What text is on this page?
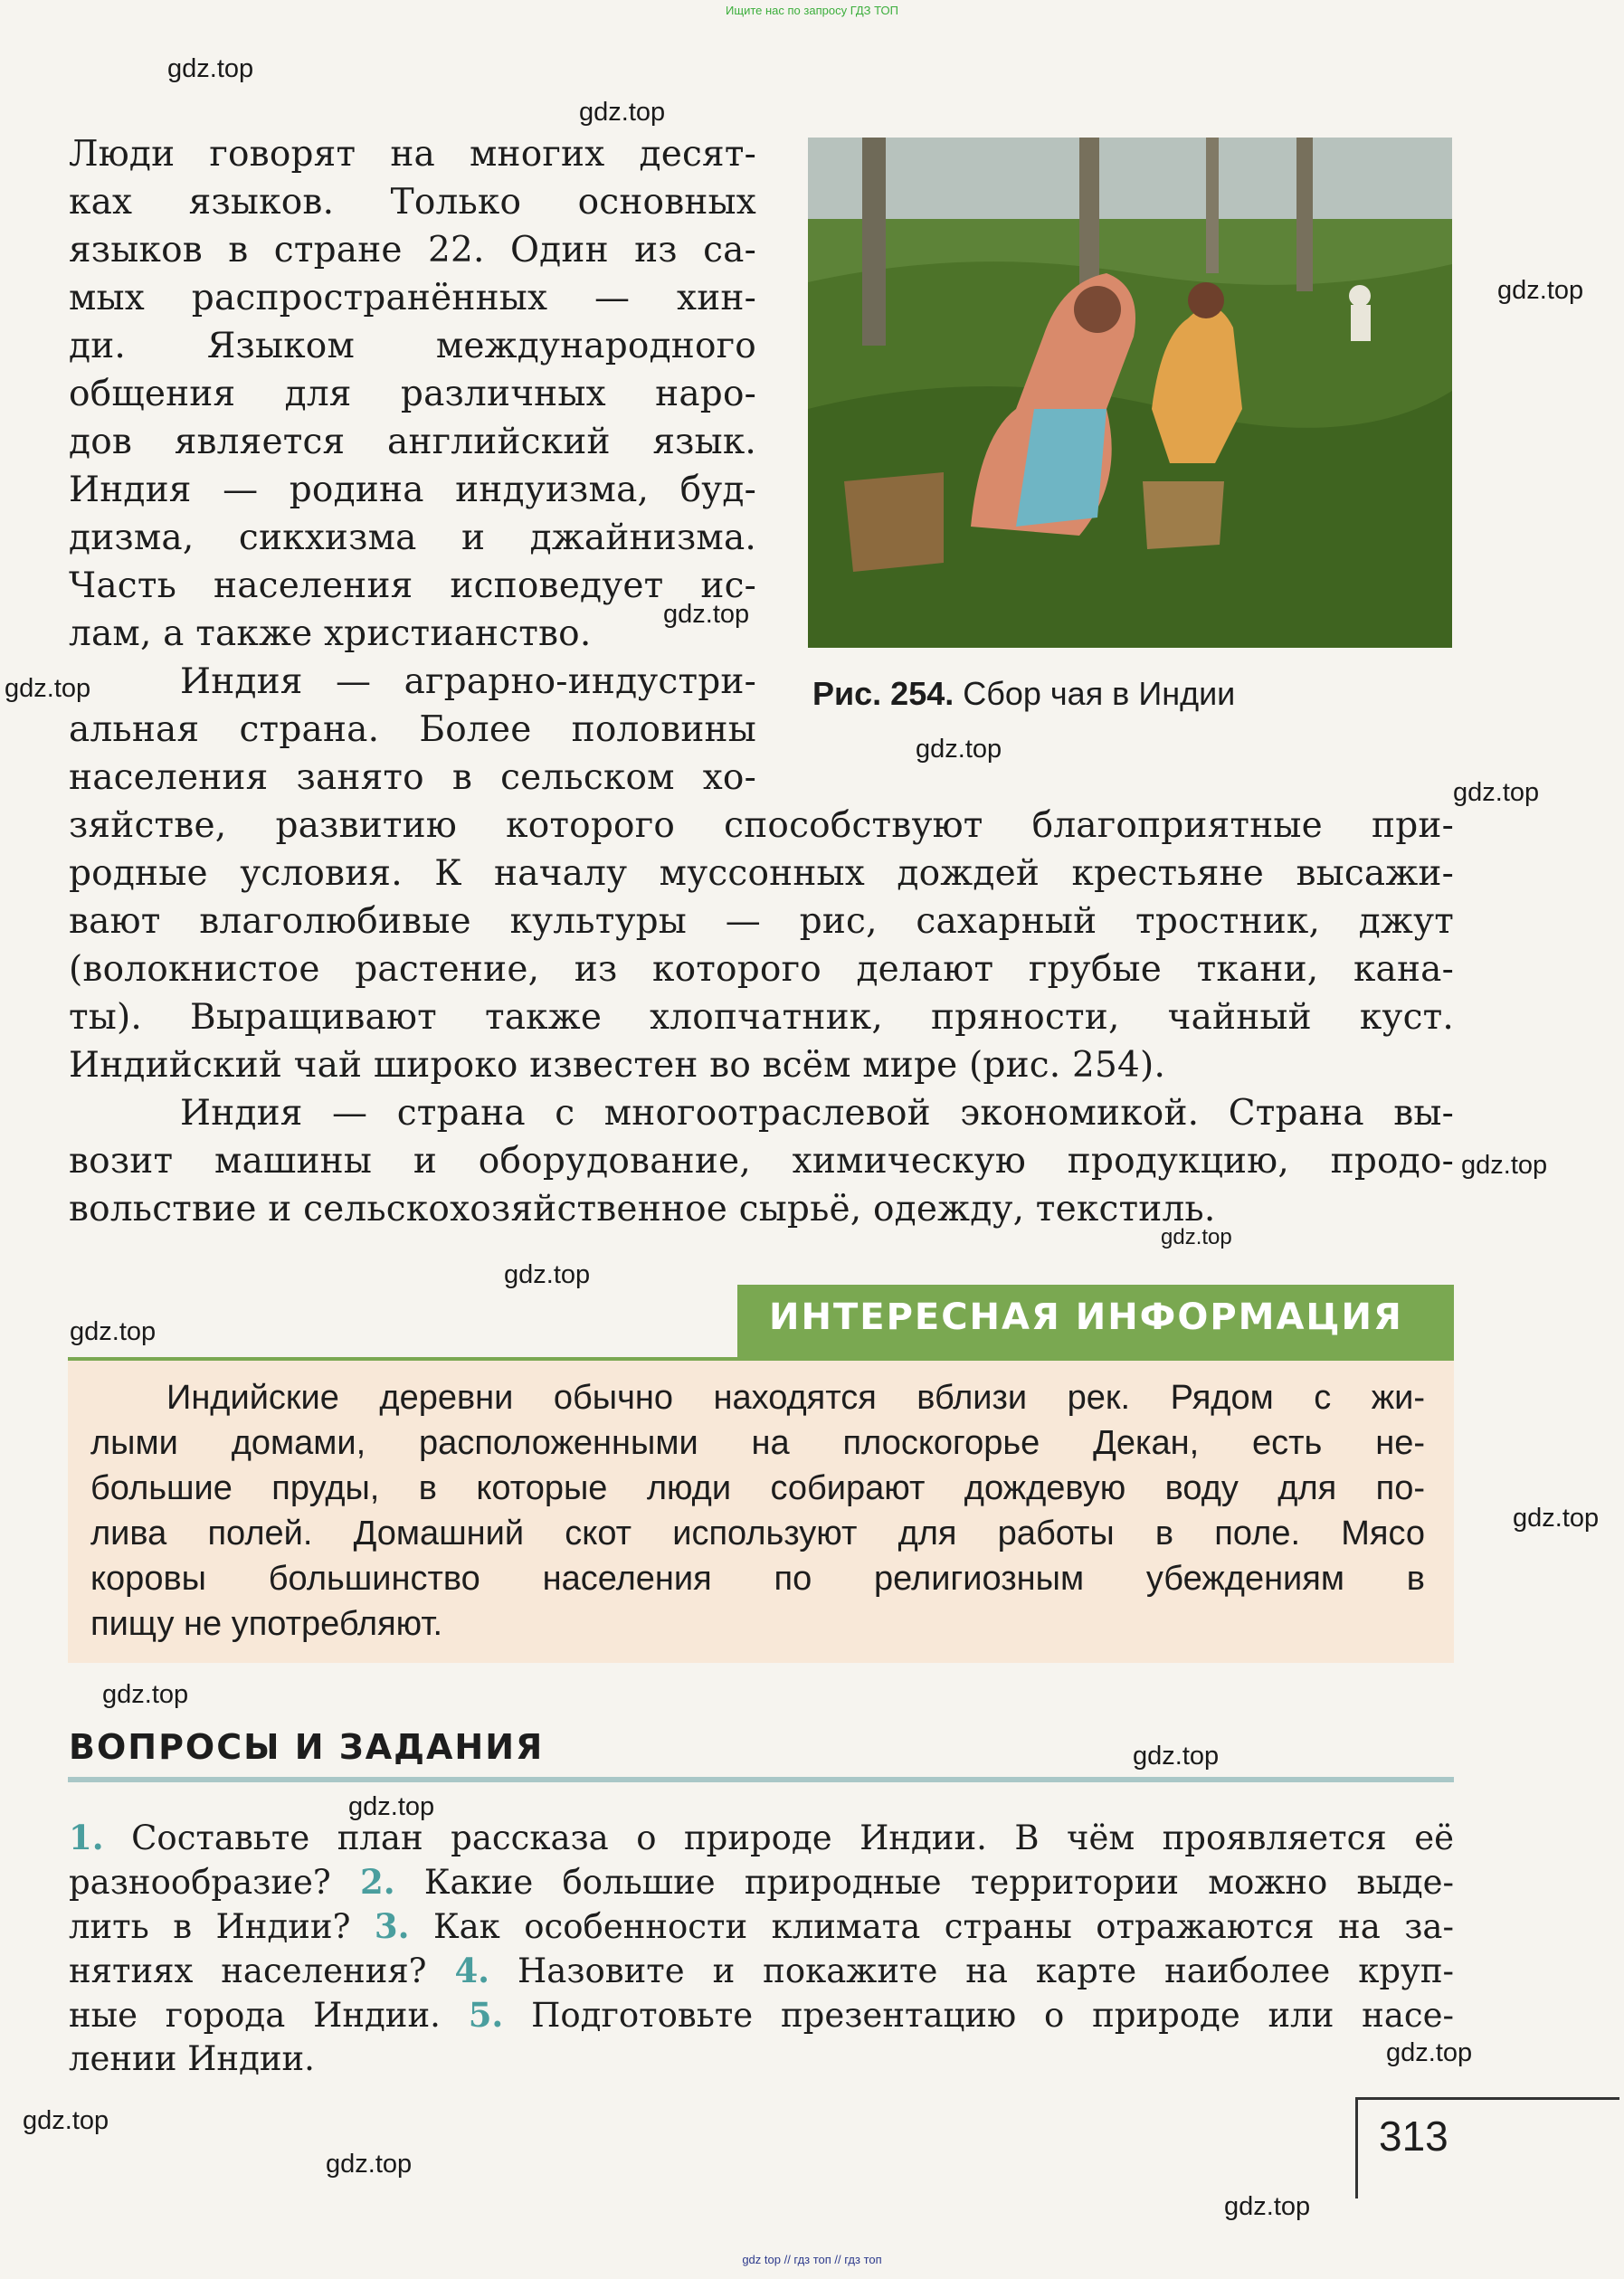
Ищите нас по запросу ГДЗ ТОП
gdz.top
gdz.top
gdz.top
gdz.top
gdz.top
gdz.top
gdz.top
gdz.top
gdz.top
gdz.top
gdz.top
gdz.top
gdz.top
gdz.top
gdz.top
gdz.top
gdz.top
gdz.top
gdz.top
Люди говорят на многих десят-
ках языков. Только основных
языков в стране 22. Один из са-
мых распространённых — хин-
ди. Языком международного
общения для различных наро-
дов является английский язык.
Индия — родина индуизма, буд-
дизма, сикхизма и джайнизма.
Часть населения исповедует ис-
лам, а также христианство.
Рис. 254. Сбор чая в Индии
Индия — аграрно-индустри-
альная страна. Более половины
населения занято в сельском хо-
зяйстве, развитию которого способствуют благоприятные при-
родные условия. К началу муссонных дождей крестьяне высажи-
вают влаголюбивые культуры — рис, сахарный тростник, джут
(волокнистое растение, из которого делают грубые ткани, кана-
ты). Выращивают также хлопчатник, пряности, чайный куст.
Индийский чай широко известен во всём мире (рис. 254).
Индия — страна с многоотраслевой экономикой. Страна вы-
возит машины и оборудование, химическую продукцию, продо-
вольствие и сельскохозяйственное сырьё, одежду, текстиль.
ИНТЕРЕСНАЯ ИНФОРМАЦИЯ
Индийские деревни обычно находятся вблизи рек. Рядом с жи-
лыми домами, расположенными на плоскогорье Декан, есть не-
большие пруды, в которые люди собирают дождевую воду для по-
лива полей. Домашний скот используют для работы в поле. Мясо
коровы большинство населения по религиозным убеждениям в
пищу не употребляют.
ВОПРОСЫ И ЗАДАНИЯ
1. Составьте план рассказа о природе Индии. В чём проявляется её
разнообразие? 2. Какие большие природные территории можно выде-
лить в Индии? 3. Как особенности климата страны отражаются на за-
нятиях населения? 4. Назовите и покажите на карте наиболее круп-
ные города Индии. 5. Подготовьте презентацию о природе или насе-
лении Индии.
313
gdz top // гдз топ // гдз топ
